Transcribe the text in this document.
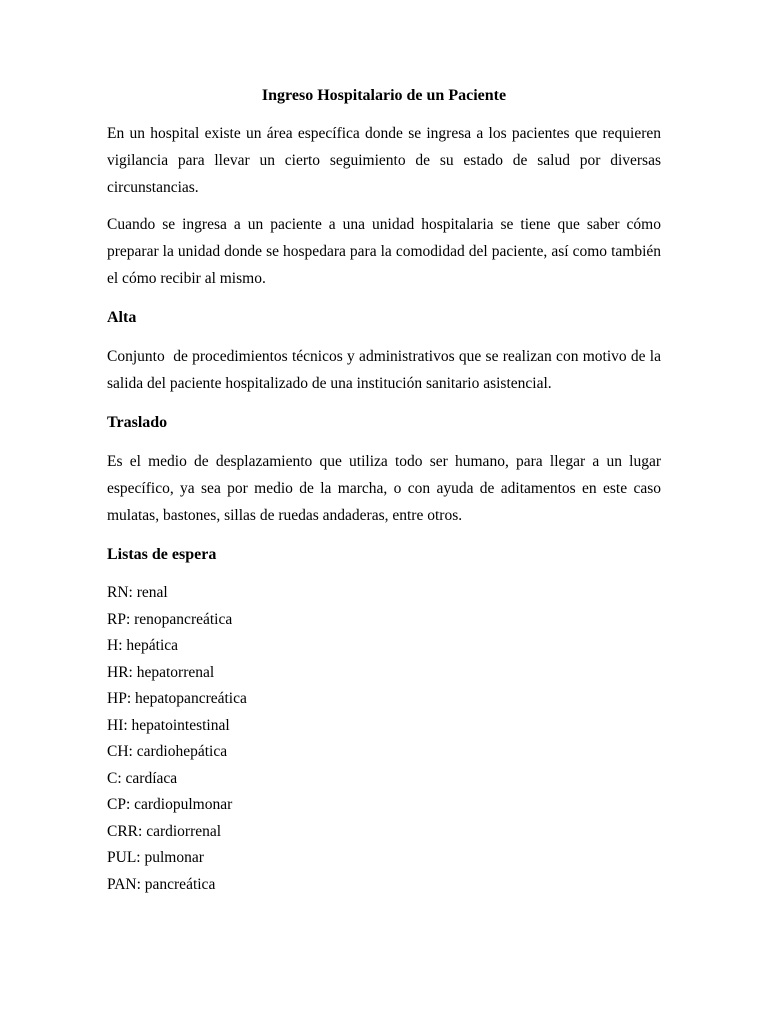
Ingreso Hospitalario de un Paciente

En un hospital existe un área específica donde se ingresa a los pacientes que requieren vigilancia para llevar un cierto seguimiento de su estado de salud por diversas circunstancias.

Cuando se ingresa a un paciente a una unidad hospitalaria se tiene que saber cómo preparar la unidad donde se hospedara para la comodidad del paciente, así como también el cómo recibir al mismo.

Alta

Conjunto  de procedimientos técnicos y administrativos que se realizan con motivo de la salida del paciente hospitalizado de una institución sanitario asistencial.

Traslado

Es el medio de desplazamiento que utiliza todo ser humano, para llegar a un lugar específico, ya sea por medio de la marcha, o con ayuda de aditamentos en este caso mulatas, bastones, sillas de ruedas andaderas, entre otros.

Listas de espera
RN: renal
RP: renopancreática
H: hepática
HR: hepatorrenal
HP: hepatopancreática
HI: hepatointestinal
CH: cardiohepática
C: cardíaca
CP: cardiopulmonar
CRR: cardiorrenal
PUL: pulmonar
PAN: pancreática
